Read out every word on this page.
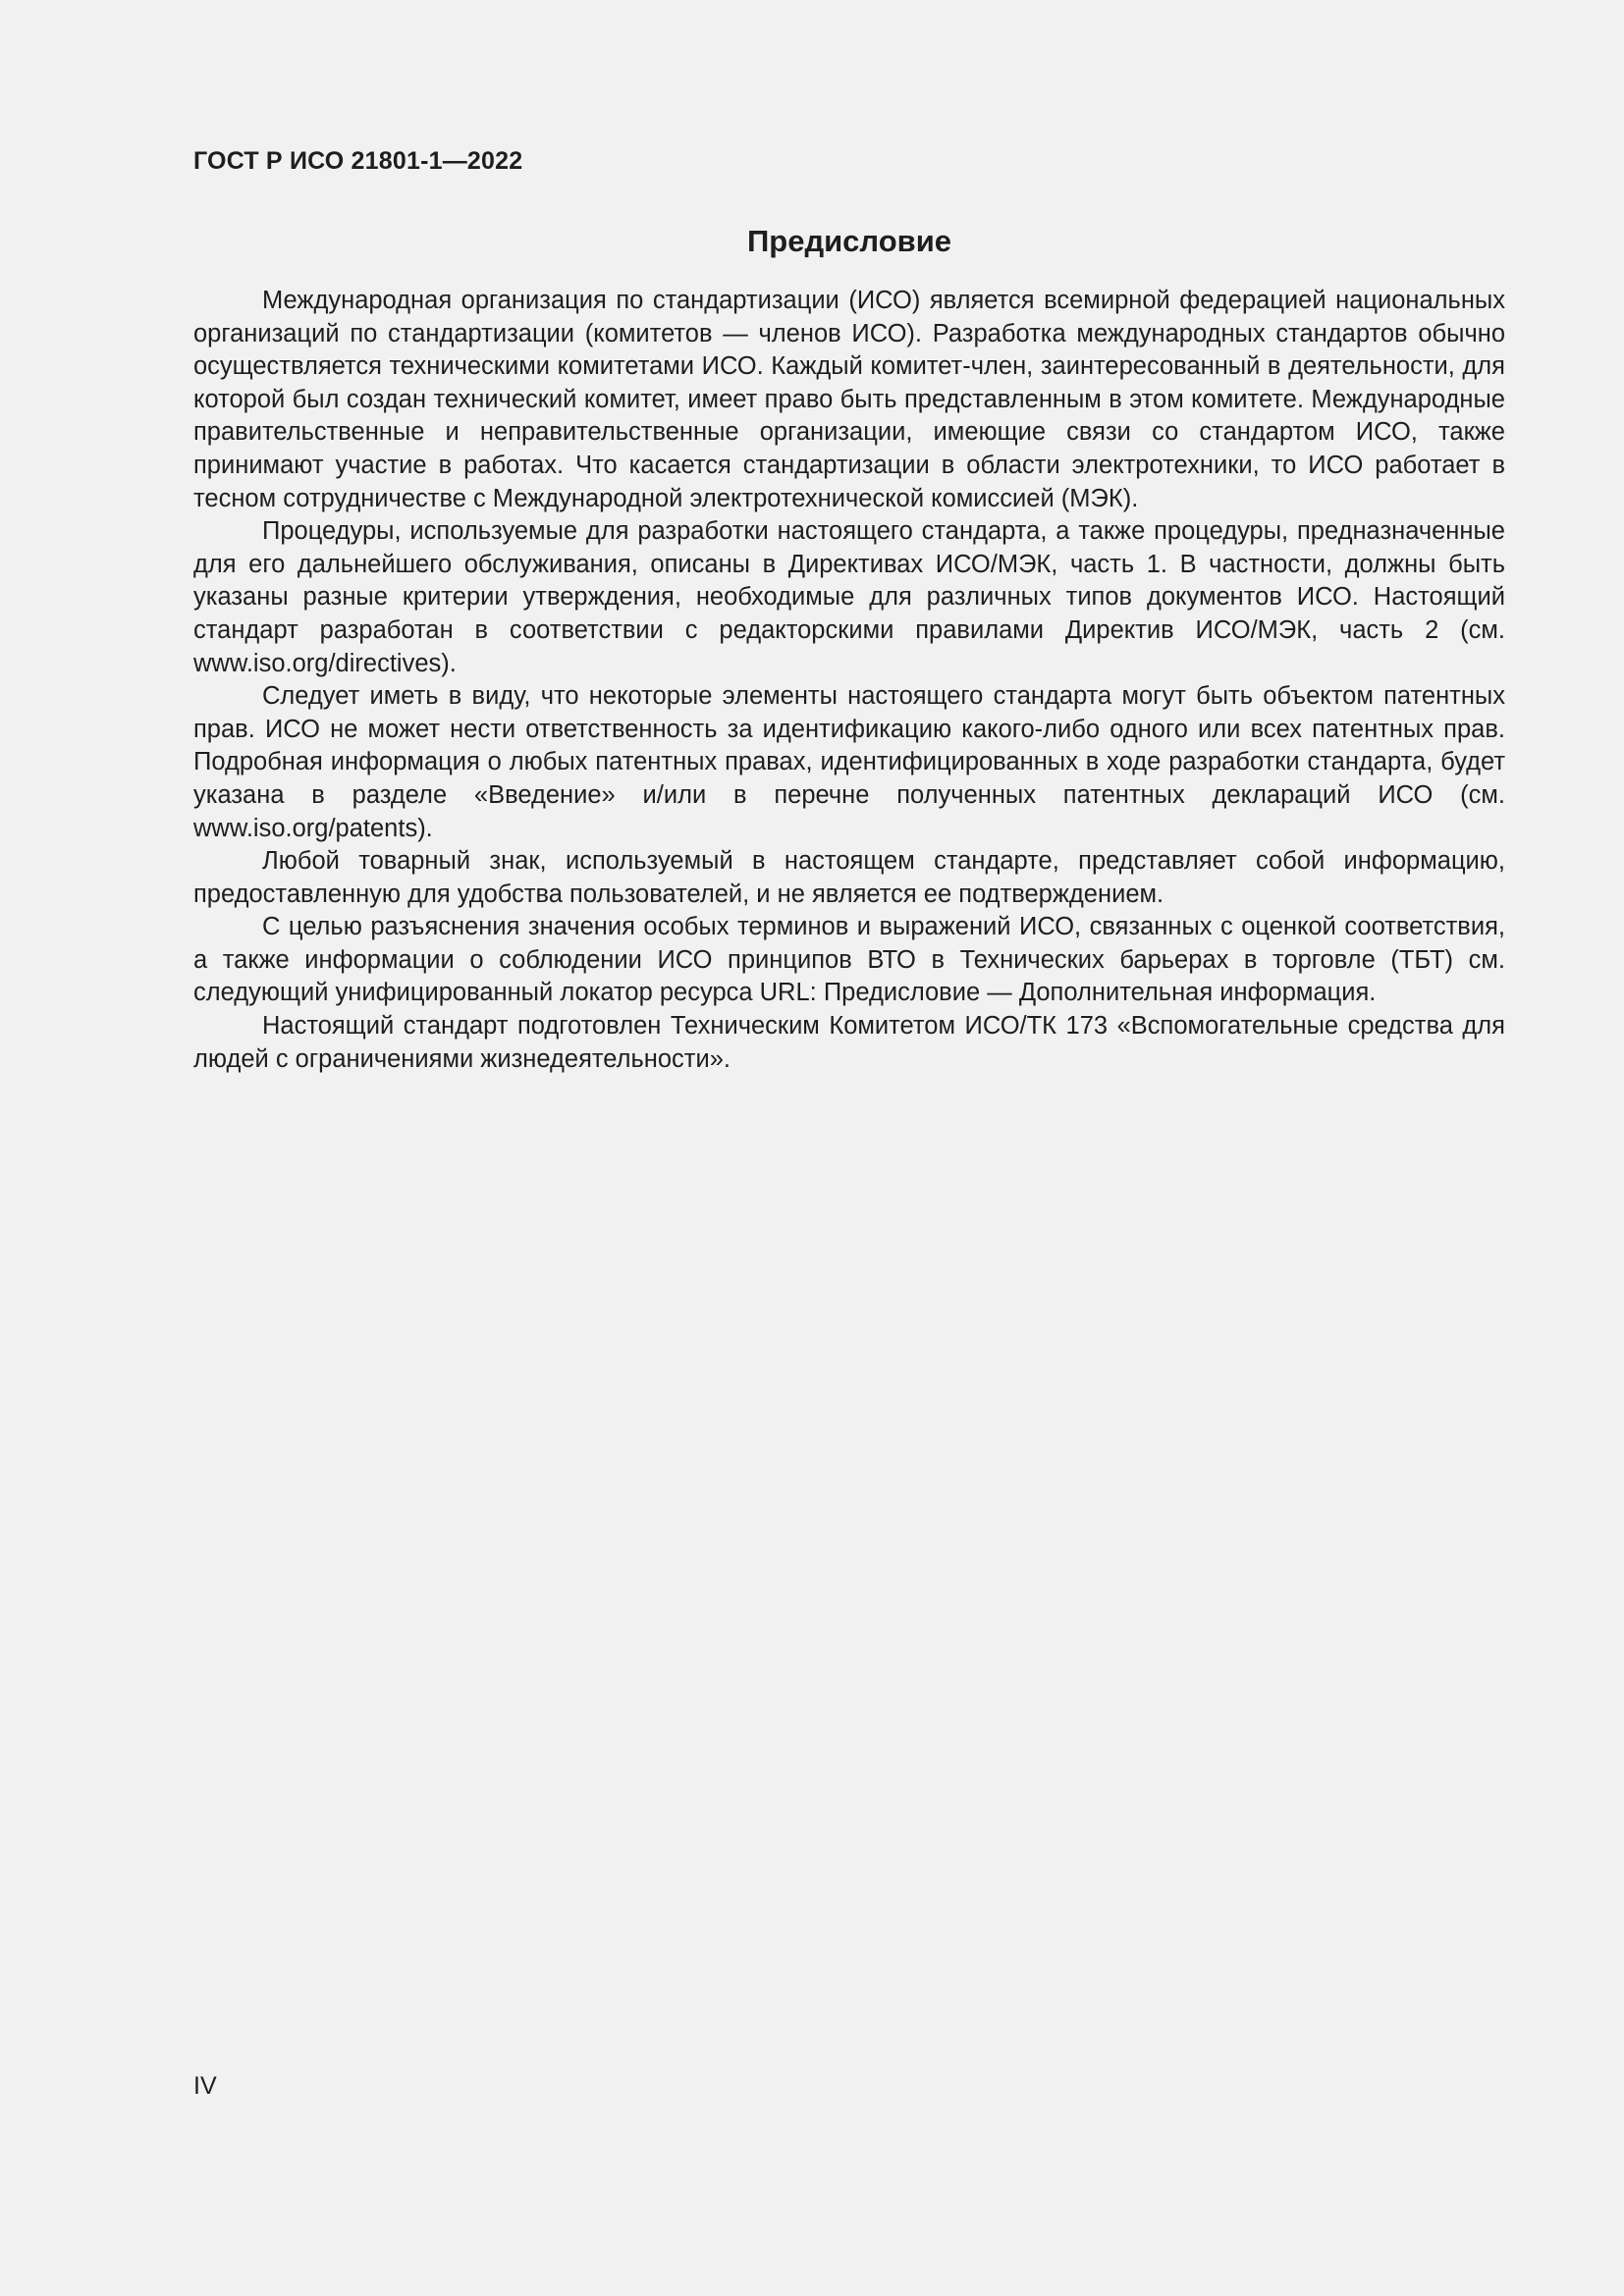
ГОСТ Р ИСО 21801-1—2022
Предисловие

Международная организация по стандартизации (ИСО) является всемирной федерацией национальных организаций по стандартизации (комитетов — членов ИСО). Разработка международных стандартов обычно осуществляется техническими комитетами ИСО. Каждый комитет-член, заинтересованный в деятельности, для которой был создан технический комитет, имеет право быть представленным в этом комитете. Международные правительственные и неправительственные организации, имеющие связи со стандартом ИСО, также принимают участие в работах. Что касается стандартизации в области электротехники, то ИСО работает в тесном сотрудничестве с Международной электротехнической комиссией (МЭК).

Процедуры, используемые для разработки настоящего стандарта, а также процедуры, предназначенные для его дальнейшего обслуживания, описаны в Директивах ИСО/МЭК, часть 1. В частности, должны быть указаны разные критерии утверждения, необходимые для различных типов документов ИСО. Настоящий стандарт разработан в соответствии с редакторскими правилами Директив ИСО/МЭК, часть 2 (см. www.iso.org/directives).

Следует иметь в виду, что некоторые элементы настоящего стандарта могут быть объектом патентных прав. ИСО не может нести ответственность за идентификацию какого-либо одного или всех патентных прав. Подробная информация о любых патентных правах, идентифицированных в ходе разработки стандарта, будет указана в разделе «Введение» и/или в перечне полученных патентных деклараций ИСО (см. www.iso.org/patents).

Любой товарный знак, используемый в настоящем стандарте, представляет собой информацию, предоставленную для удобства пользователей, и не является ее подтверждением.

С целью разъяснения значения особых терминов и выражений ИСО, связанных с оценкой соответствия, а также информации о соблюдении ИСО принципов ВТО в Технических барьерах в торговле (ТБТ) см. следующий унифицированный локатор ресурса URL: Предисловие — Дополнительная информация.

Настоящий стандарт подготовлен Техническим Комитетом ИСО/ТК 173 «Вспомогательные средства для людей с ограничениями жизнедеятельности».

IV
